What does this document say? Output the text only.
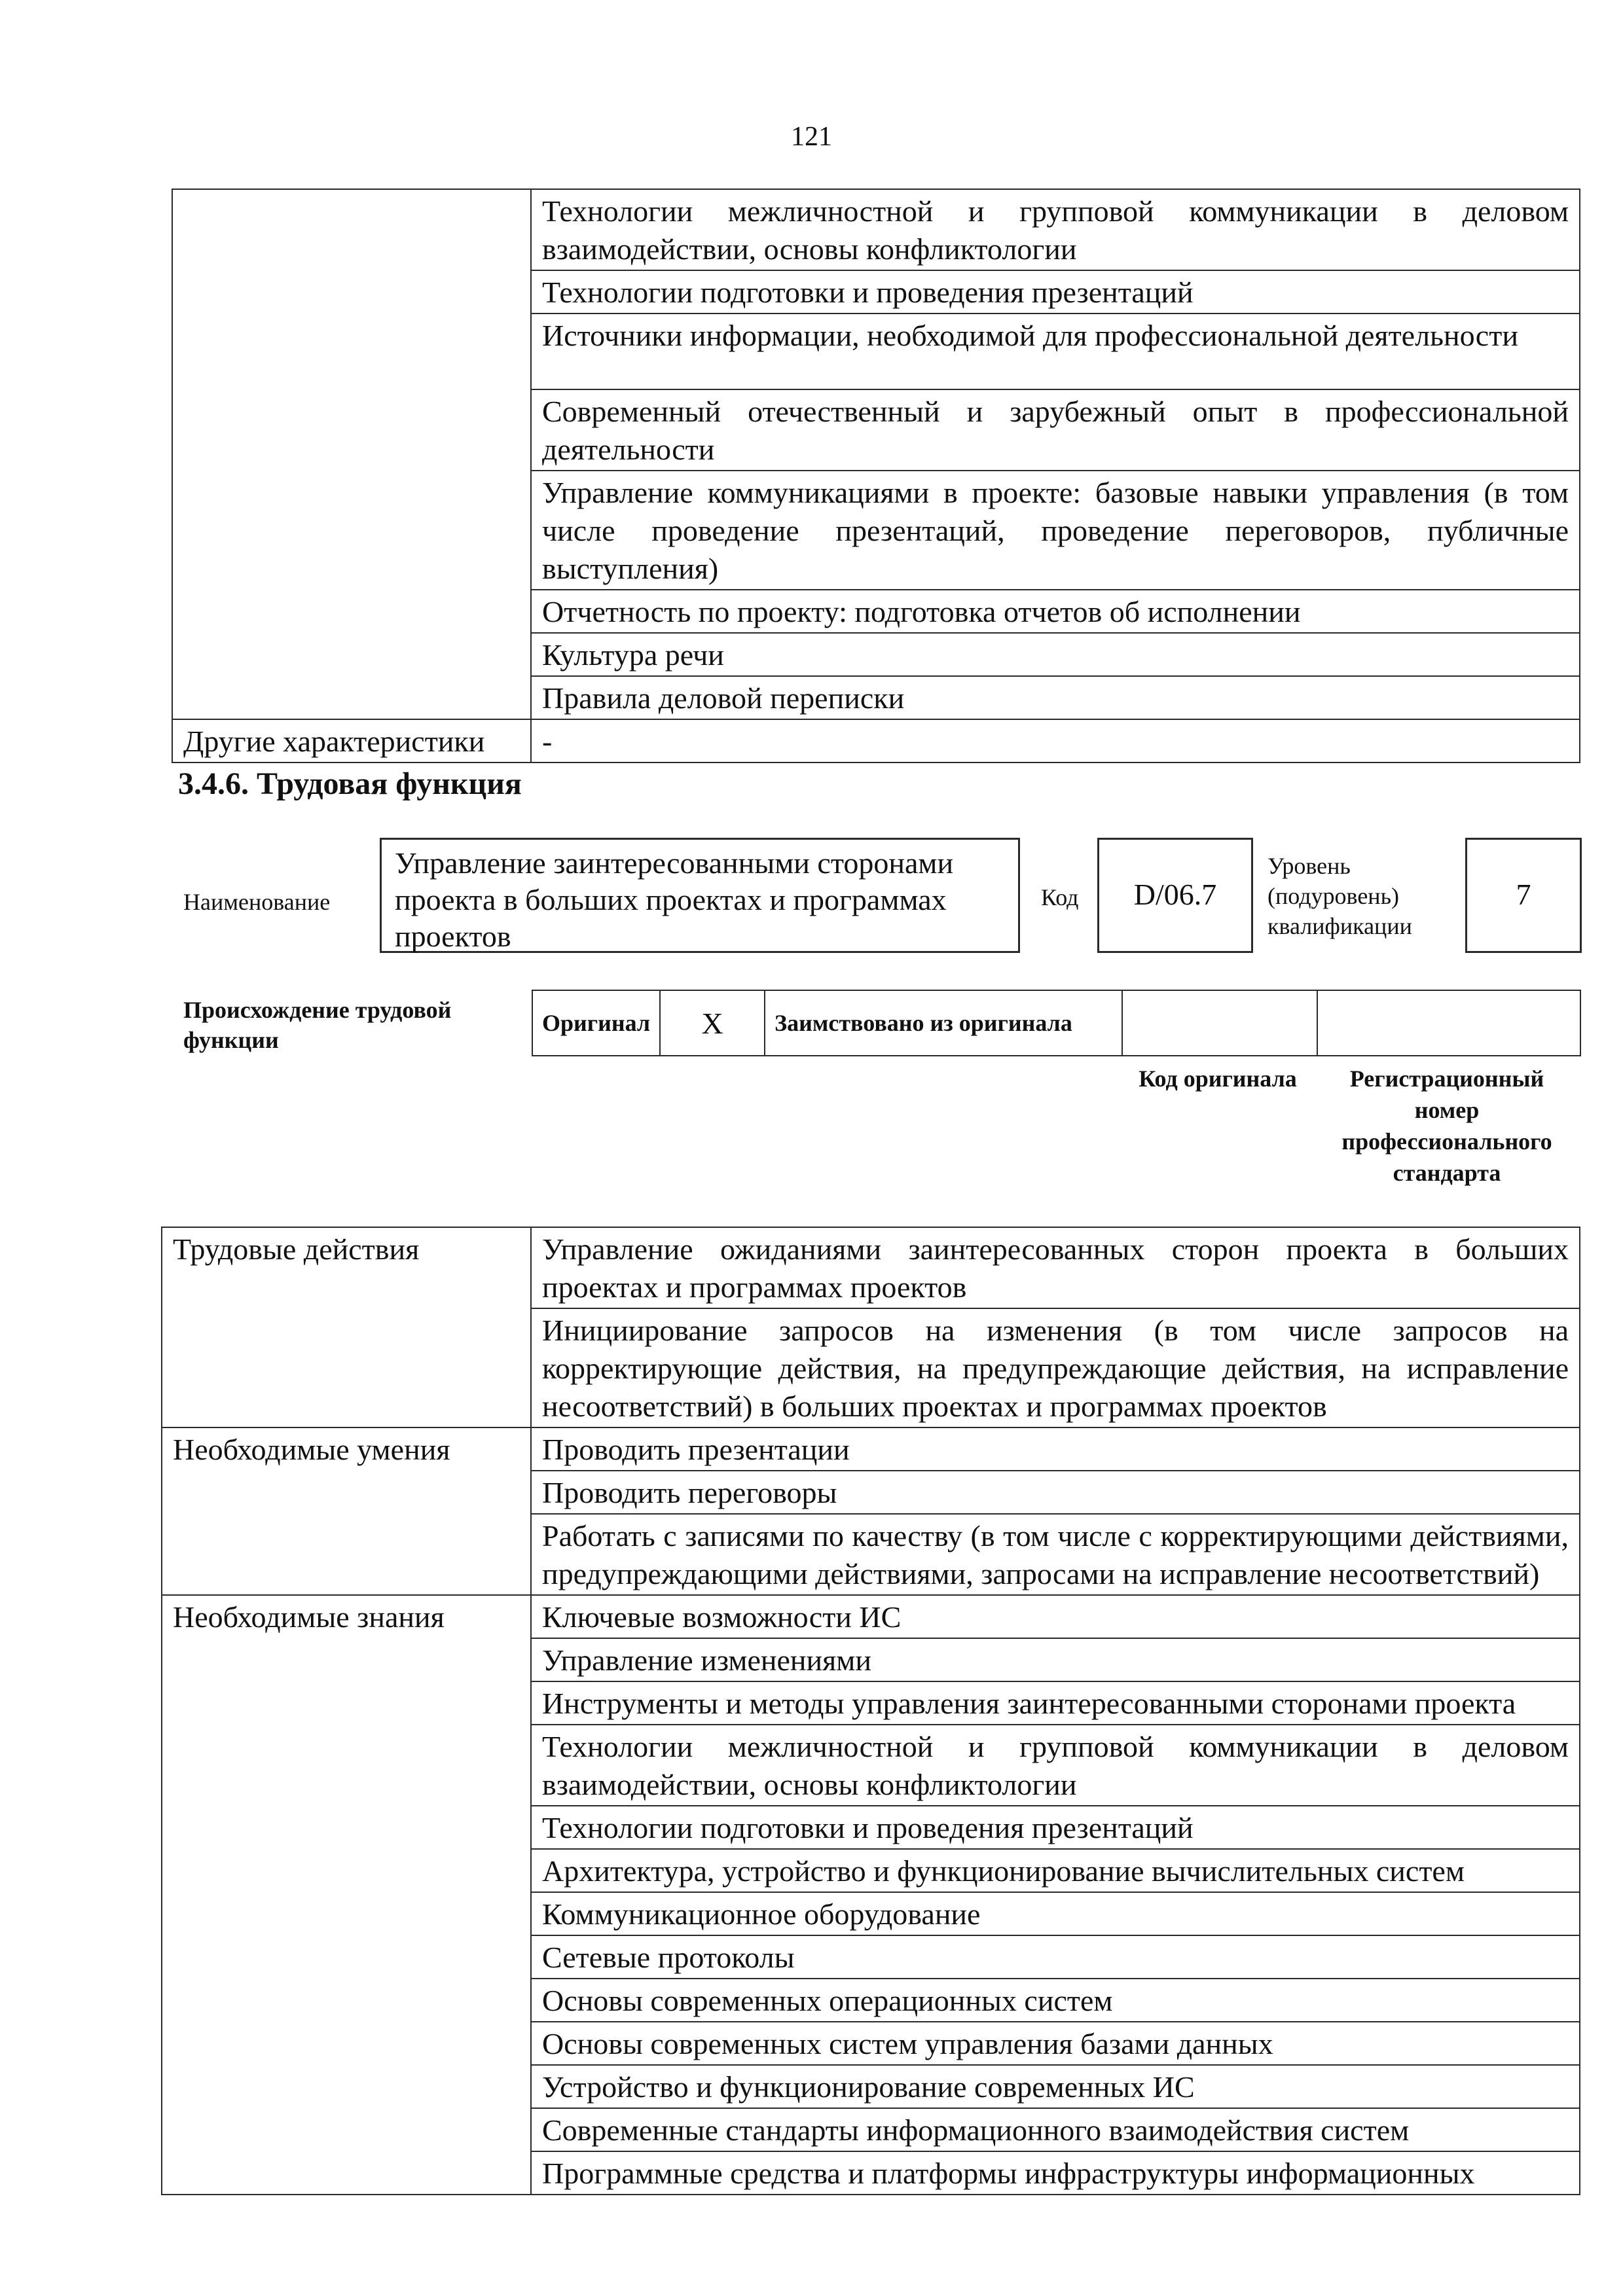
121
	Технологии межличностной и групповой коммуникации в деловом взаимодействии, основы конфликтологии
	Технологии подготовки и проведения презентаций
	Источники информации, необходимой для профессиональной деятельности
	Современный отечественный и зарубежный опыт в профессиональной деятельности
	Управление коммуникациями в проекте: базовые навыки управления (в том числе проведение презентаций, проведение переговоров, публичные выступления)
	Отчетность по проекту: подготовка отчетов об исполнении
	Культура речи
	Правила деловой переписки
Другие характеристики	-
3.4.6. Трудовая функция
Наименование
Управление заинтересованными сторонами проекта в больших проектах и программах проектов
Код	D/06.7
Уровень (подуровень) квалификации
7
Происхождение трудовой функции
Оригинал	X	Заимствовано из оригинала		
Код оригинала	Регистрационный номер профессионального стандарта
Трудовые действия	Управление ожиданиями заинтересованных сторон проекта в больших проектах и программах проектов
	Инициирование запросов на изменения (в том числе запросов на корректирующие действия, на предупреждающие действия, на исправление несоответствий) в больших проектах и программах проектов
Необходимые умения	Проводить презентации
	Проводить переговоры
	Работать с записями по качеству (в том числе с корректирующими действиями, предупреждающими действиями, запросами на исправление несоответствий)
Необходимые знания	Ключевые возможности ИС
	Управление изменениями
	Инструменты и методы управления заинтересованными сторонами проекта
	Технологии межличностной и групповой коммуникации в деловом взаимодействии, основы конфликтологии
	Технологии подготовки и проведения презентаций
	Архитектура, устройство и функционирование вычислительных систем
	Коммуникационное оборудование
	Сетевые протоколы
	Основы современных операционных систем
	Основы современных систем управления базами данных
	Устройство и функционирование современных ИС
	Современные стандарты информационного взаимодействия систем
	Программные средства и платформы инфраструктуры информационных
